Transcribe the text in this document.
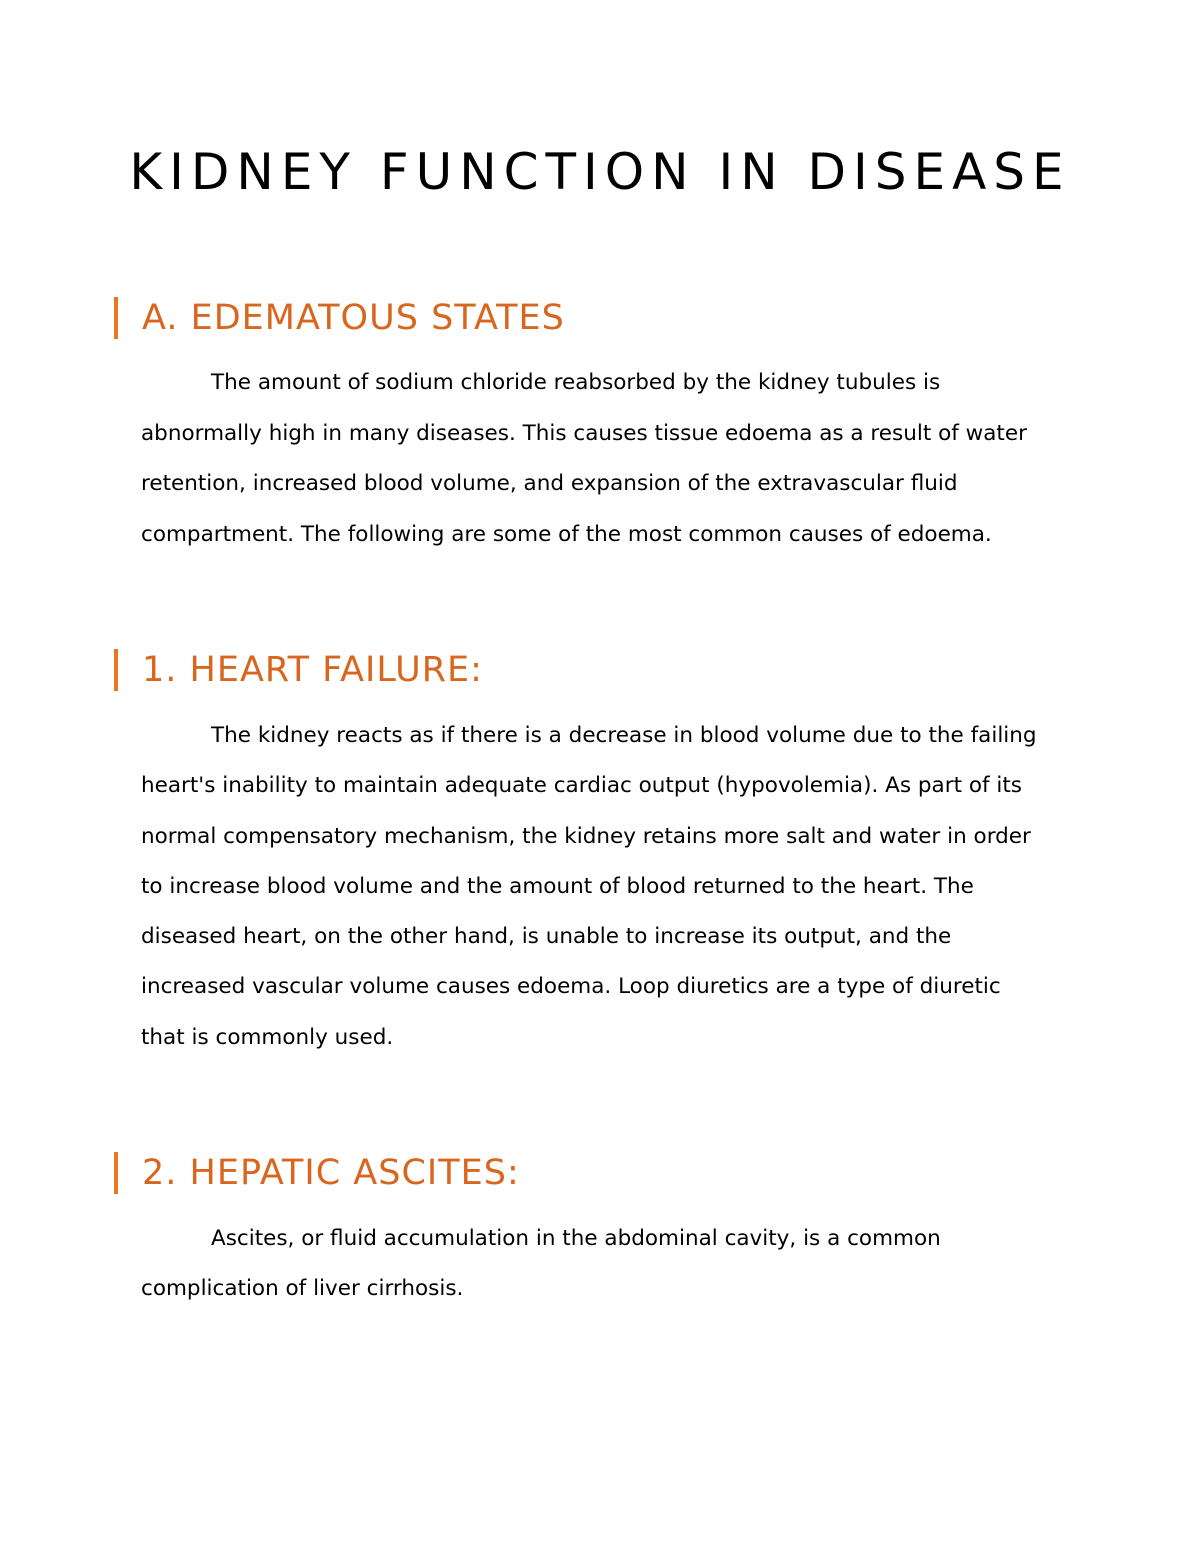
KIDNEY FUNCTION IN DISEASE
A. EDEMATOUS STATES
The amount of sodium chloride reabsorbed by the kidney tubules is
abnormally high in many diseases. This causes tissue edoema as a result of water
retention, increased blood volume, and expansion of the extravascular fluid
compartment. The following are some of the most common causes of edoema.
1. HEART FAILURE:
The kidney reacts as if there is a decrease in blood volume due to the failing
heart's inability to maintain adequate cardiac output (hypovolemia). As part of its
normal compensatory mechanism, the kidney retains more salt and water in order
to increase blood volume and the amount of blood returned to the heart. The
diseased heart, on the other hand, is unable to increase its output, and the
increased vascular volume causes edoema. Loop diuretics are a type of diuretic
that is commonly used.
2. HEPATIC ASCITES:
Ascites, or fluid accumulation in the abdominal cavity, is a common
complication of liver cirrhosis.
